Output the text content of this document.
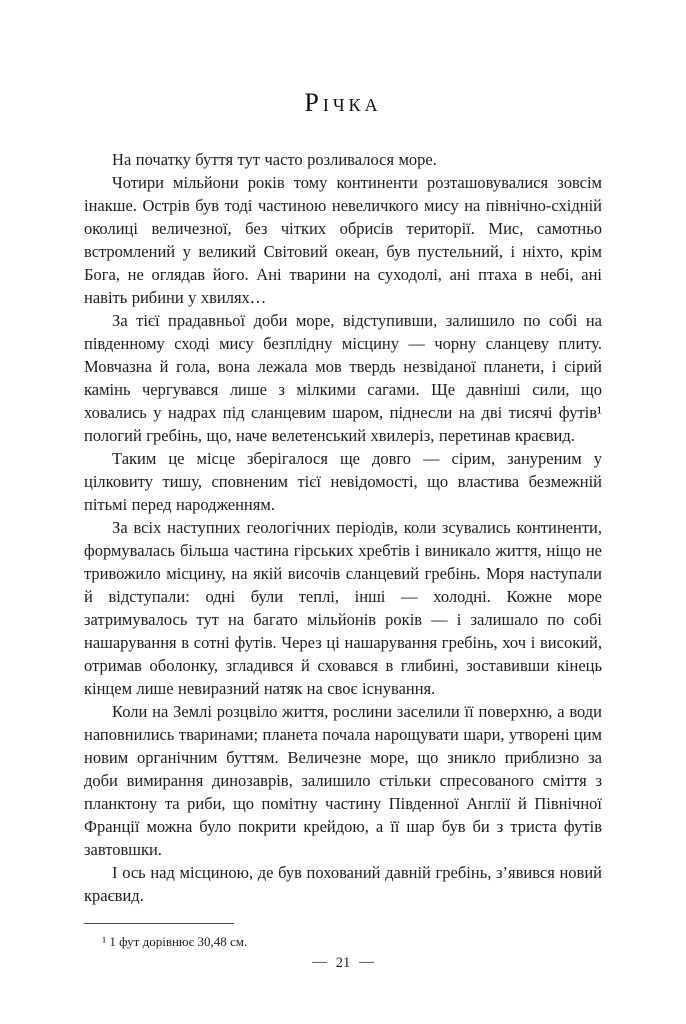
Річка

На початку буття тут часто розливалося море.

Чотири мільйони років тому континенти розташовувалися зовсім інакше. Острів був тоді частиною невеличкого мису на північно-східній околиці величезної, без чітких обрисів території. Мис, самотньо встромлений у великий Світовий океан, був пустельний, і ніхто, крім Бога, не оглядав його. Ані тварини на суходолі, ані птаха в небі, ані навіть рибини у хвилях…

За тієї прадавньої доби море, відступивши, залишило по собі на південному сході мису безплідну місцину — чорну сланцеву плиту. Мовчазна й гола, вона лежала мов твердь незвіданої планети, і сірий камінь чергувався лише з мілкими сагами. Ще давніші сили, що ховались у надрах під сланцевим шаром, піднесли на дві тисячі футів¹ пологий гребінь, що, наче велетенський хвилеріз, перетинав краєвид.

Таким це місце зберігалося ще довго — сірим, зануреним у цілковиту тишу, сповненим тієї невідомості, що властива безмежній пітьмі перед народженням.

За всіх наступних геологічних періодів, коли зсувались континенти, формувалась більша частина гірських хребтів і виникало життя, ніщо не тривожило місцину, на якій височів сланцевий гребінь. Моря наступали й відступали: одні були теплі, інші — холодні. Кожне море затримувалось тут на багато мільйонів років — і залишало по собі нашарування в сотні футів. Через ці нашарування гребінь, хоч і високий, отримав оболонку, згладився й сховався в глибині, зоставивши кінець кінцем лише невиразний натяк на своє існування.

Коли на Землі розцвіло життя, рослини заселили її поверхню, а води наповнились тваринами; планета почала нарощувати шари, утворені цим новим органічним буттям. Величезне море, що зникло приблизно за доби вимирання динозаврів, залишило стільки спресованого сміття з планктону та риби, що помітну частину Південної Англії й Північної Франції можна було покрити крейдою, а її шар був би з триста футів завтовшки.

І ось над місциною, де був похований давній гребінь, з’явився новий краєвид.

¹ 1 фут дорівнює 30,48 см.

— 21 —
